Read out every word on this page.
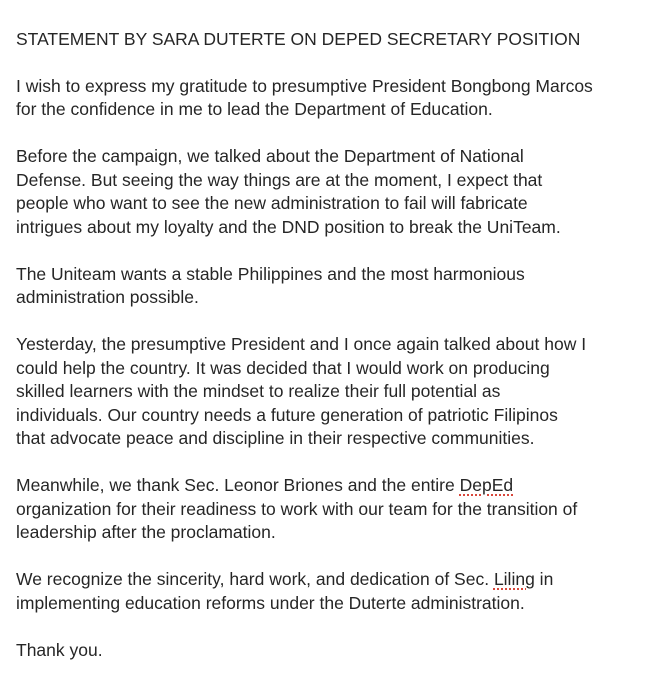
STATEMENT BY SARA DUTERTE ON DEPED SECRETARY POSITION

I wish to express my gratitude to presumptive President Bongbong Marcos
for the confidence in me to lead the Department of Education.

Before the campaign, we talked about the Department of National
Defense. But seeing the way things are at the moment, I expect that
people who want to see the new administration to fail will fabricate
intrigues about my loyalty and the DND position to break the UniTeam.

The Uniteam wants a stable Philippines and the most harmonious
administration possible.

Yesterday, the presumptive President and I once again talked about how I
could help the country. It was decided that I would work on producing
skilled learners with the mindset to realize their full potential as
individuals. Our country needs a future generation of patriotic Filipinos
that advocate peace and discipline in their respective communities.

Meanwhile, we thank Sec. Leonor Briones and the entire DepEd
organization for their readiness to work with our team for the transition of
leadership after the proclamation.

We recognize the sincerity, hard work, and dedication of Sec. Liling in
implementing education reforms under the Duterte administration.

Thank you.
